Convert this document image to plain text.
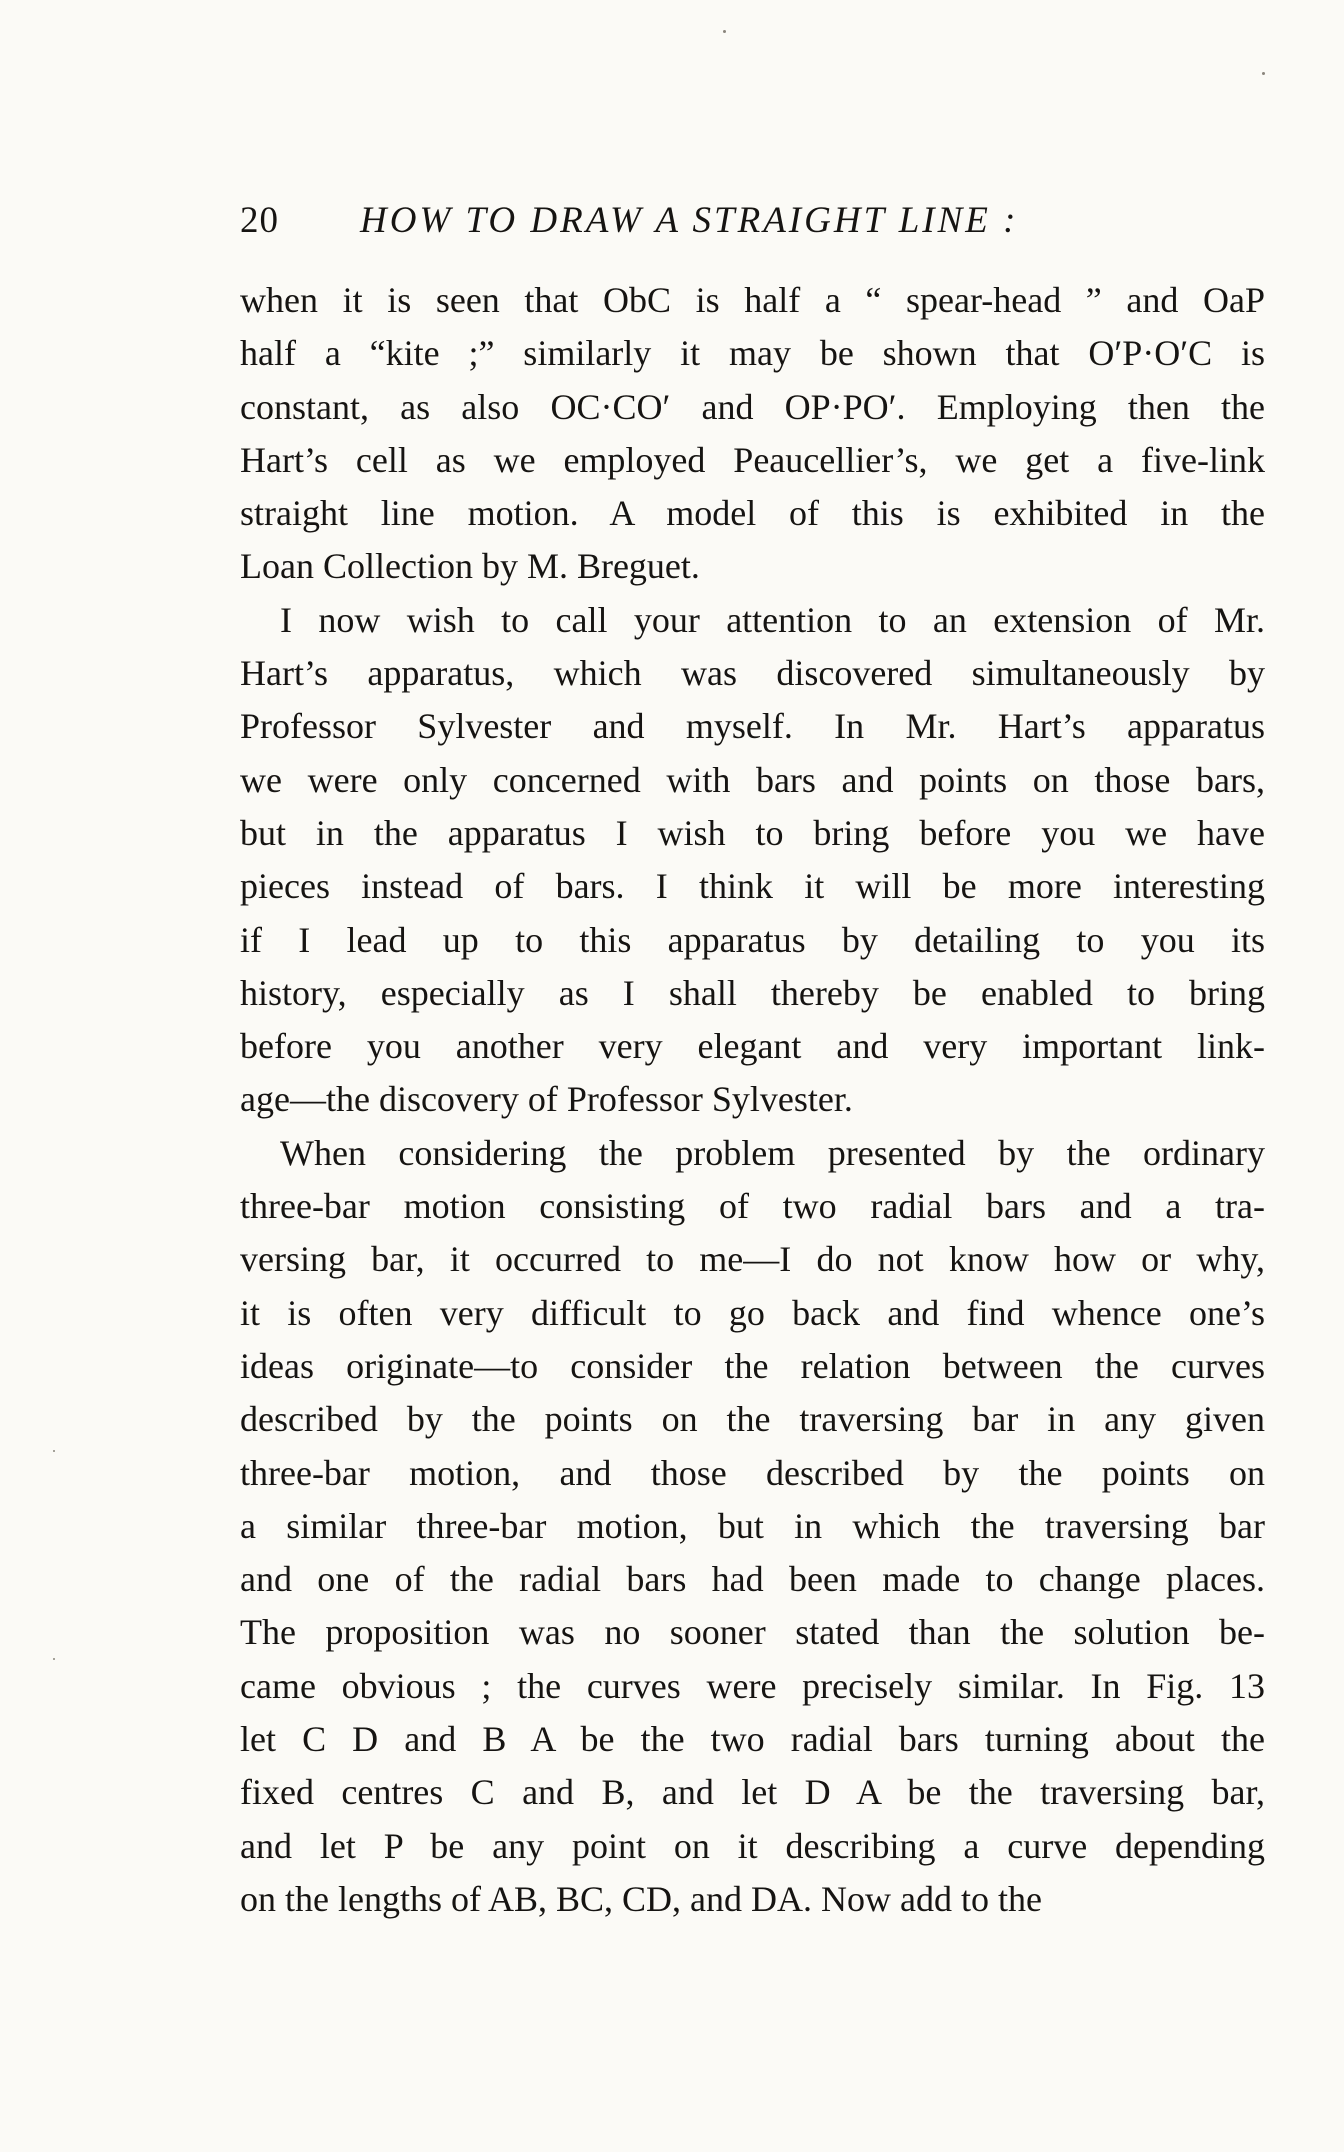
20 HOW TO DRAW A STRAIGHT LINE :
when it is seen that ObC is half a “ spear-head ” and OaP
half a “kite ;” similarly it may be shown that O′P·O′C is
constant, as also OC·CO′ and OP·PO′. Employing then the
Hart’s cell as we employed Peaucellier’s, we get a five-link
straight line motion. A model of this is exhibited in the
Loan Collection by M. Breguet.
I now wish to call your attention to an extension of Mr.
Hart’s apparatus, which was discovered simultaneously by
Professor Sylvester and myself. In Mr. Hart’s apparatus
we were only concerned with bars and points on those bars,
but in the apparatus I wish to bring before you we have
pieces instead of bars. I think it will be more interesting
if I lead up to this apparatus by detailing to you its
history, especially as I shall thereby be enabled to bring
before you another very elegant and very important link-
age—the discovery of Professor Sylvester.
When considering the problem presented by the ordinary
three-bar motion consisting of two radial bars and a tra-
versing bar, it occurred to me—I do not know how or why,
it is often very difficult to go back and find whence one’s
ideas originate—to consider the relation between the curves
described by the points on the traversing bar in any given
three-bar motion, and those described by the points on
a similar three-bar motion, but in which the traversing bar
and one of the radial bars had been made to change places.
The proposition was no sooner stated than the solution be-
came obvious ; the curves were precisely similar. In Fig. 13
let C D and B A be the two radial bars turning about the
fixed centres C and B, and let D A be the traversing bar,
and let P be any point on it describing a curve depending
on the lengths of AB, BC, CD, and DA. Now add to the
